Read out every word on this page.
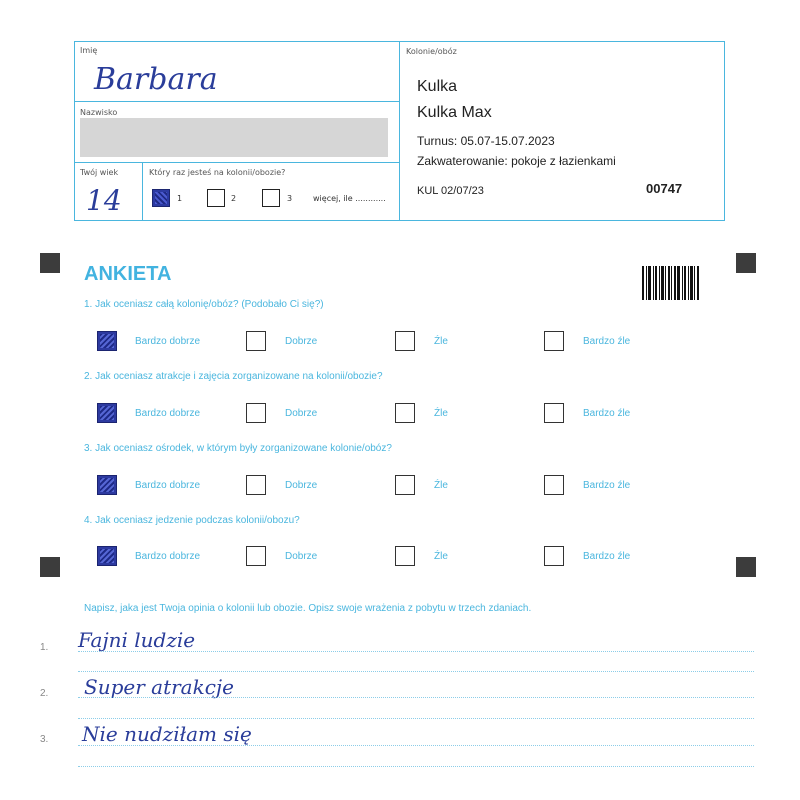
Imię
Barbara
Nazwisko
Twój wiek
14
Który raz jesteś na kolonii/obozie?
1	2	3	więcej, ile ............
Kolonie/obóz
Kulka
Kulka Max
Turnus: 05.07-15.07.2023
Zakwaterowanie: pokoje z łazienkami
KUL 02/07/23	00747
ANKIETA
1. Jak oceniasz całą kolonię/obóz? (Podobało Ci się?)
Bardzo dobrze	Dobrze	Źle	Bardzo źle
2. Jak oceniasz atrakcje i zajęcia zorganizowane na kolonii/obozie?
Bardzo dobrze	Dobrze	Źle	Bardzo źle
3. Jak oceniasz ośrodek, w którym były zorganizowane kolonie/obóz?
Bardzo dobrze	Dobrze	Źle	Bardzo źle
4. Jak oceniasz jedzenie podczas kolonii/obozu?
Bardzo dobrze	Dobrze	Źle	Bardzo źle
Napisz, jaka jest Twoja opinia o kolonii lub obozie. Opisz swoje wrażenia z pobytu w trzech zdaniach.
1. Fajni ludzie
2. Super atrakcje
3. Nie nudziłam się
